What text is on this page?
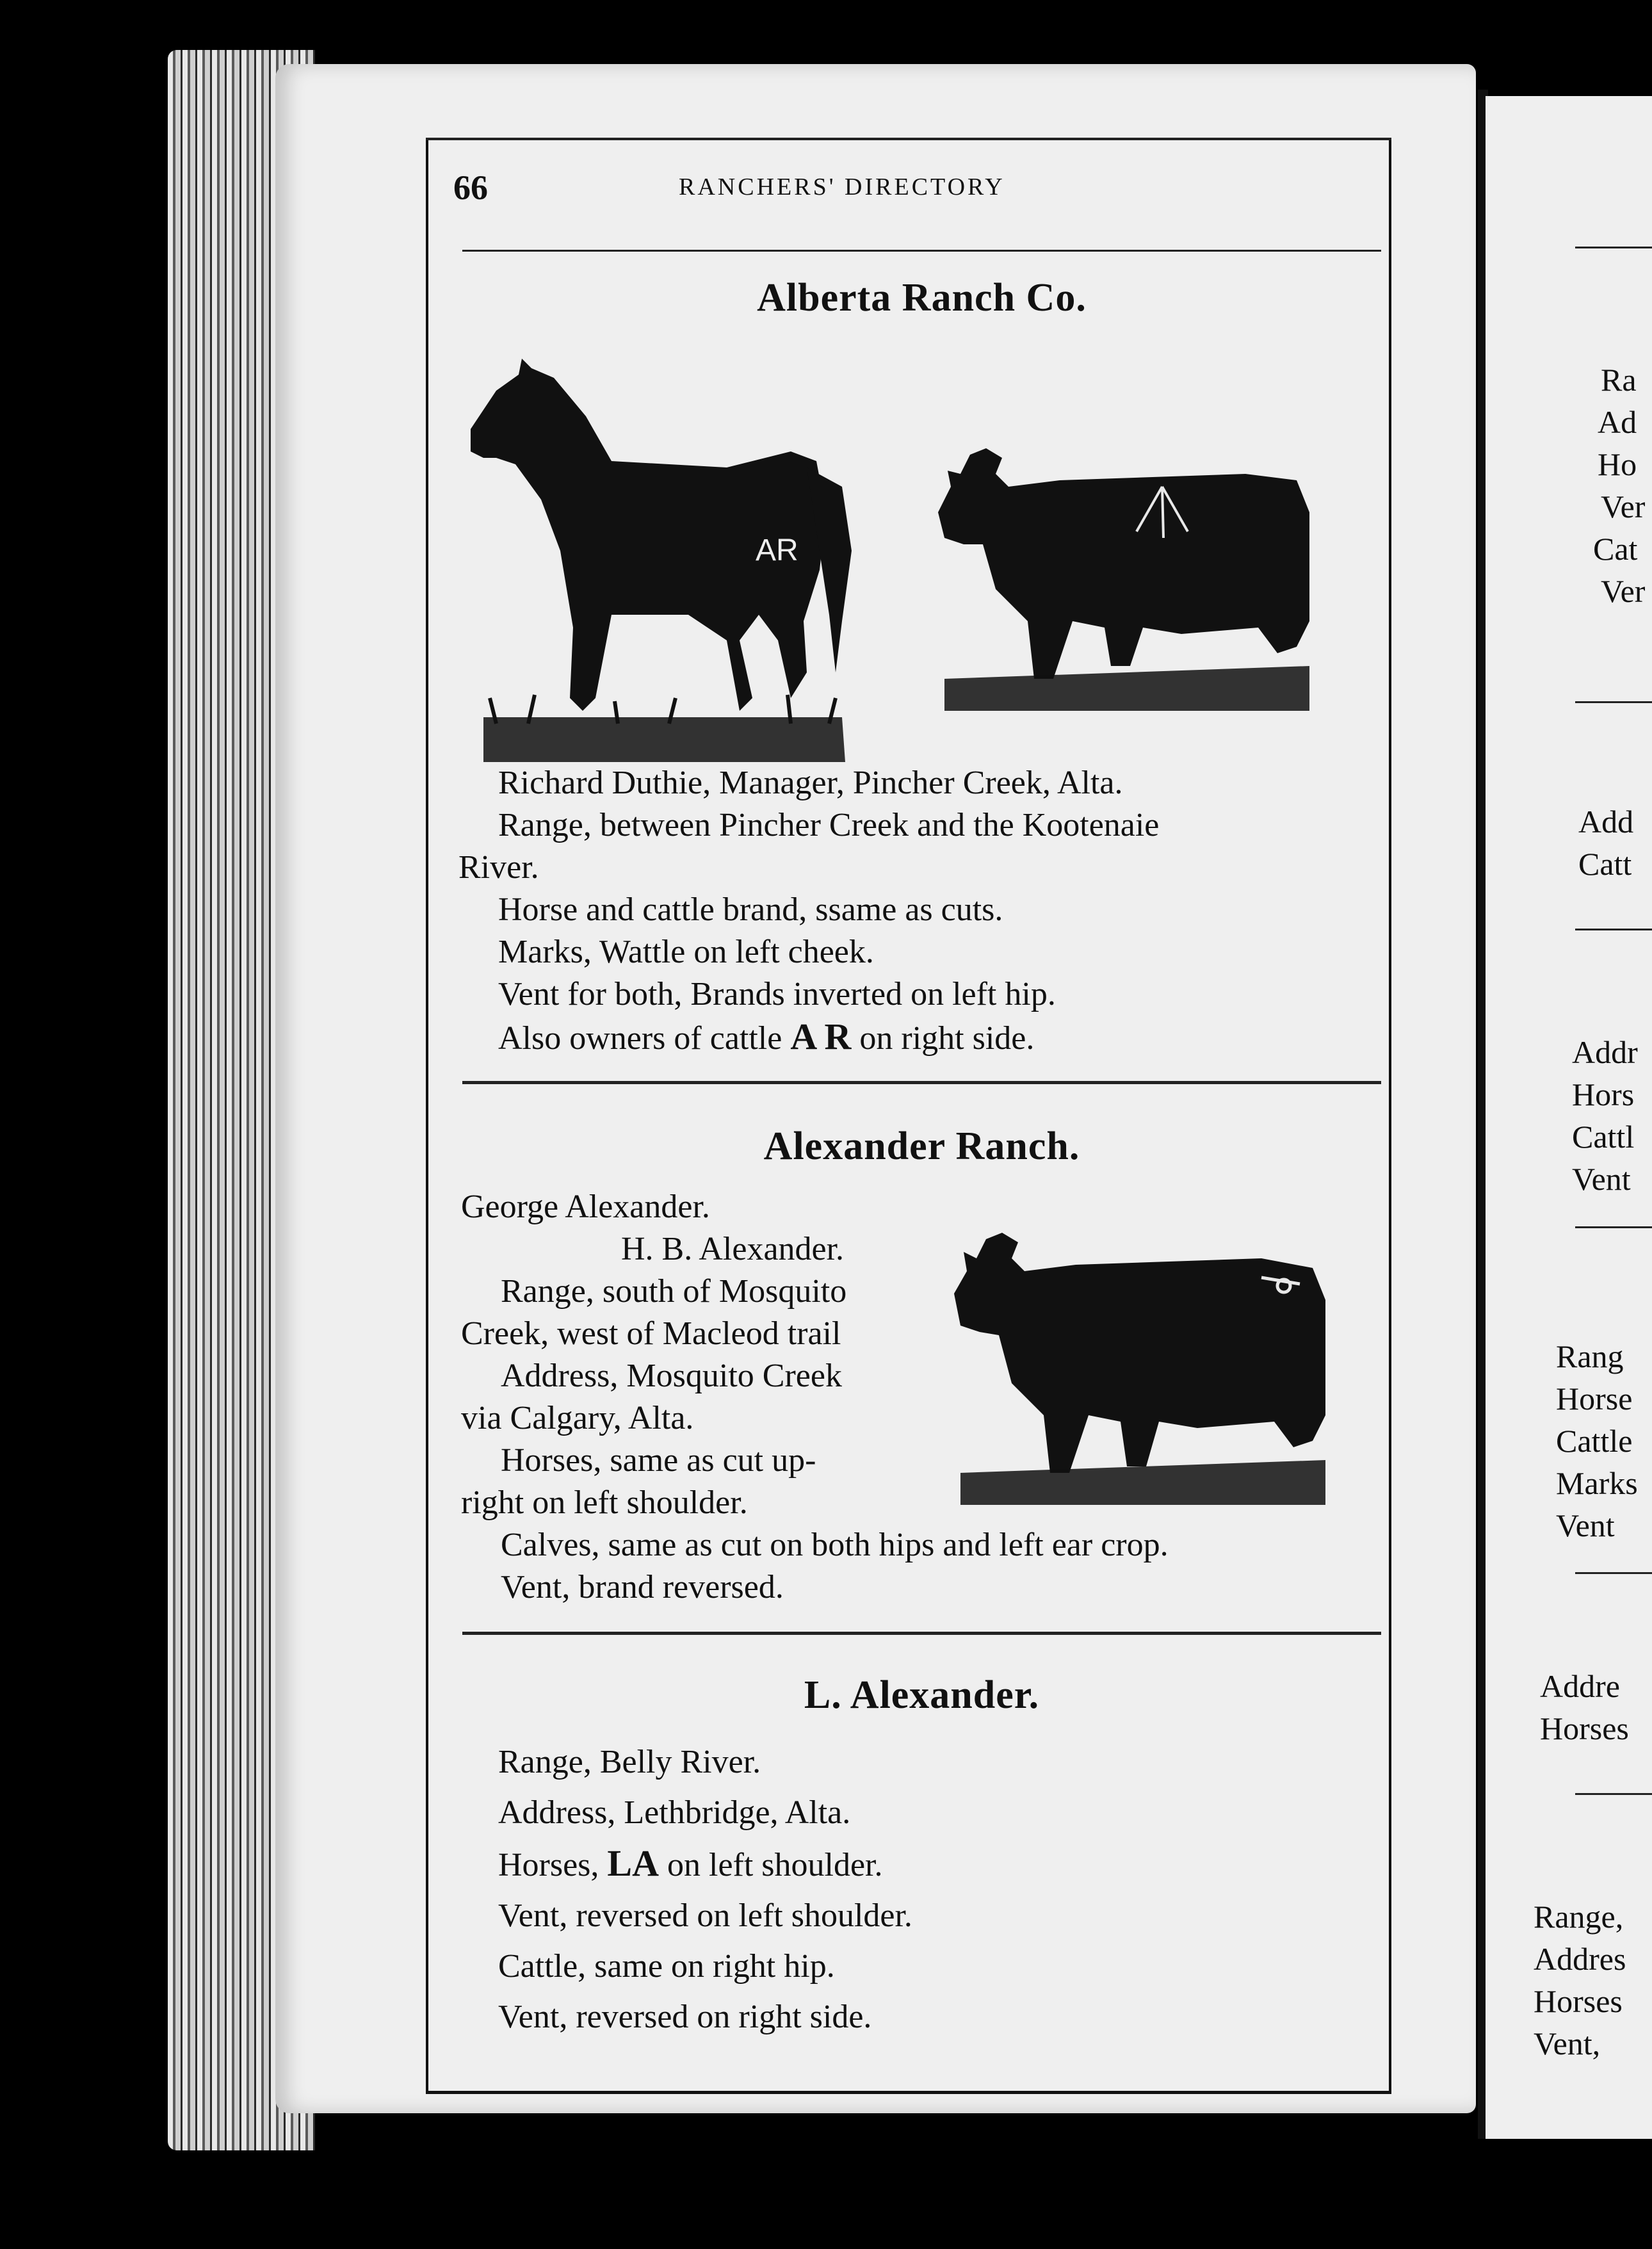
66	RANCHERS' DIRECTORY
Alberta Ranch Co.
AR
Richard Duthie, Manager, Pincher Creek, Alta.
Range, between Pincher Creek and the Kootenaie
River.
Horse and cattle brand, ssame as cuts.
Marks, Wattle on left cheek.
Vent for both, Brands inverted on left hip.
Also owners of cattle A R on right side.
Alexander Ranch.
George Alexander.
H. B. Alexander.
Range, south of Mosquito
Creek, west of Macleod trail
Address, Mosquito Creek
via Calgary, Alta.
Horses, same as cut up-
right on left shoulder.
Calves, same as cut on both hips and left ear crop.
Vent, brand reversed.
L. Alexander.
Range, Belly River.
Address, Lethbridge, Alta.
Horses, LA on left shoulder.
Vent, reversed on left shoulder.
Cattle, same on right hip.
Vent, reversed on right side.
Ra
Ad
Ho
Ver
Cat
Ver
Add
Catt
Addr
Hors
Cattl
Vent
Rang
Horse
Cattle
Marks
Vent
Addre
Horses
Range,
Addres
Horses
Vent,
